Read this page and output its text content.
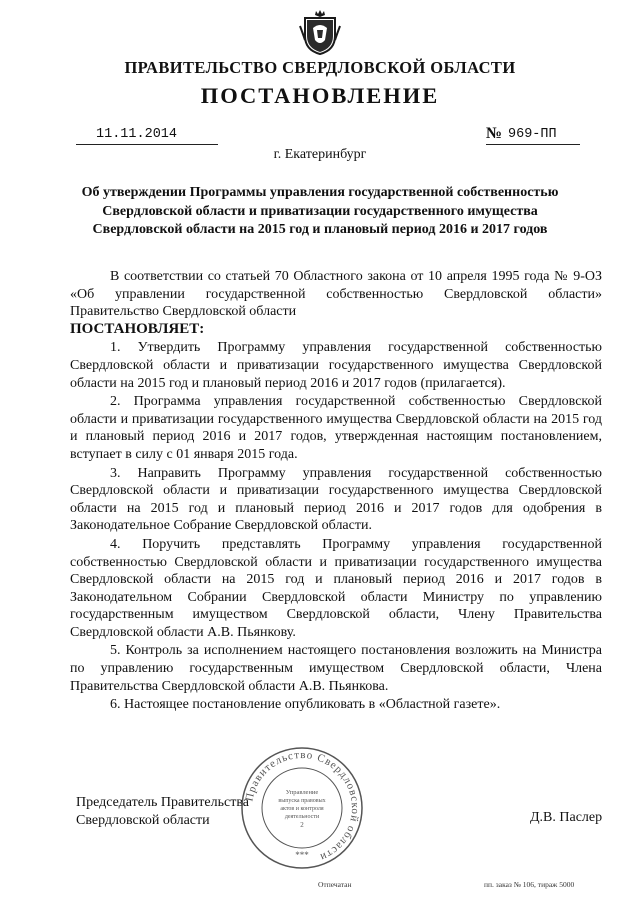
ПРАВИТЕЛЬСТВО СВЕРДЛОВСКОЙ ОБЛАСТИ
ПОСТАНОВЛЕНИЕ
11.11.2014	№ 969-ПП
г. Екатеринбург
Об утверждении Программы управления государственной собственностью Свердловской области и приватизации государственного имущества Свердловской области на 2015 год и плановый период 2016 и 2017 годов

В соответствии со статьей 70 Областного закона от 10 апреля 1995 года № 9-ОЗ «Об управлении государственной собственностью Свердловской области» Правительство Свердловской области

ПОСТАНОВЛЯЕТ:

1. Утвердить Программу управления государственной собственностью Свердловской области и приватизации государственного имущества Свердловской области на 2015 год и плановый период 2016 и 2017 годов (прилагается).

2. Программа управления государственной собственностью Свердловской области и приватизации государственного имущества Свердловской области на 2015 год и плановый период 2016 и 2017 годов, утвержденная настоящим постановлением, вступает в силу с 01 января 2015 года.

3. Направить Программу управления государственной собственностью Свердловской области и приватизации государственного имущества Свердловской области на 2015 год и плановый период 2016 и 2017 годов для одобрения в Законодательное Собрание Свердловской области.

4. Поручить представлять Программу управления государственной собственностью Свердловской области и приватизации государственного имущества Свердловской области на 2015 год и плановый период 2016 и 2017 годов в Законодательном Собрании Свердловской области Министру по управлению государственным имуществом Свердловской области, Члену Правительства Свердловской области А.В. Пьянкову.

5. Контроль за исполнением настоящего постановления возложить на Министра по управлению государственным имуществом Свердловской области, Члена Правительства Свердловской области А.В. Пьянкова.

6. Настоящее постановление опубликовать в «Областной газете».

Председатель Правительства
Свердловской области	Д.В. Паслер
Правительство Свердловской области
Управление
выпуска правовых
актов и контроля
деятельности
2
***
Отпечатан	пп. заказ № 106, тираж 5000
